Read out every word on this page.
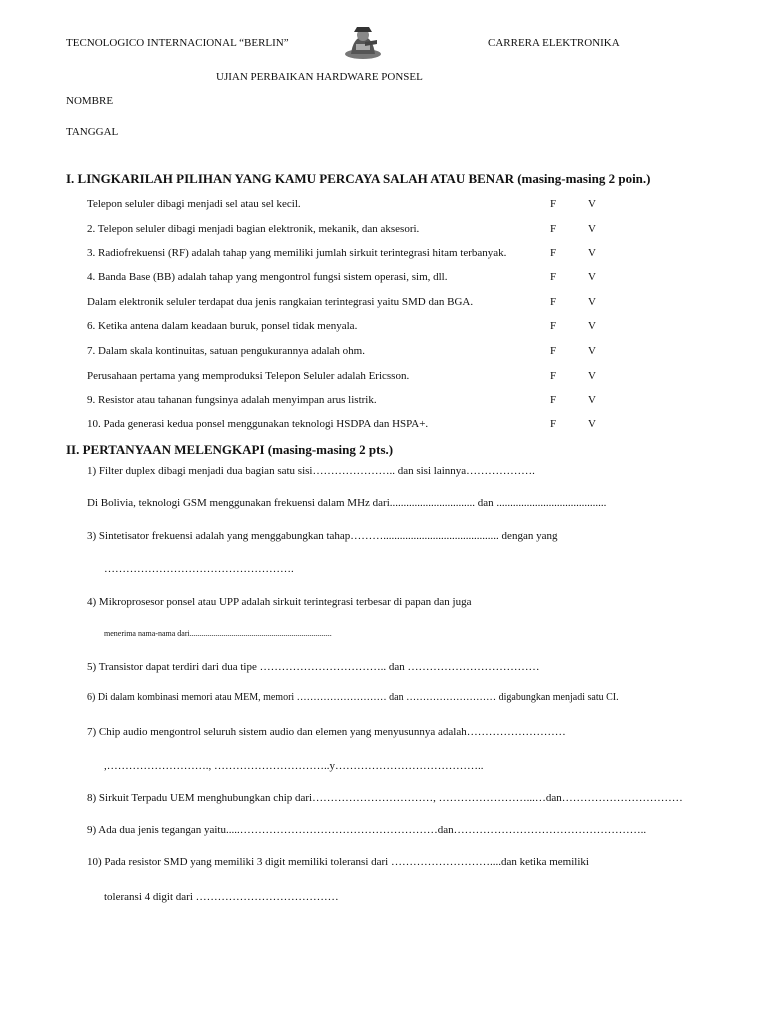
TECNOLOGICO INTERNACIONAL “BERLIN”	CARRERA ELEKTRONIKA
UJIAN PERBAIKAN HARDWARE PONSEL
NOMBRE
TANGGAL
I. LINGKARILAH PILIHAN YANG KAMU PERCAYA SALAH ATAU BENAR (masing-masing 2 poin.)
Telepon seluler dibagi menjadi sel atau sel kecil.	F	V
2. Telepon seluler dibagi menjadi bagian elektronik, mekanik, dan aksesori.	F	V
3. Radiofrekuensi (RF) adalah tahap yang memiliki jumlah sirkuit terintegrasi hitam terbanyak.	F	V
4. Banda Base (BB) adalah tahap yang mengontrol fungsi sistem operasi, sim, dll.	F	V
Dalam elektronik seluler terdapat dua jenis rangkaian terintegrasi yaitu SMD dan BGA.	F	V
6. Ketika antena dalam keadaan buruk, ponsel tidak menyala.	F	V
7. Dalam skala kontinuitas, satuan pengukurannya adalah ohm.	F	V
Perusahaan pertama yang memproduksi Telepon Seluler adalah Ericsson.	F	V
9. Resistor atau tahanan fungsinya adalah menyimpan arus listrik.	F	V
10. Pada generasi kedua ponsel menggunakan teknologi HSDPA dan HSPA+.	F	V
II. PERTANYAAN MELENGKAPI (masing-masing 2 pts.)
1) Filter duplex dibagi menjadi dua bagian satu sisi………………….. dan sisi lainnya……………….
Di Bolivia, teknologi GSM menggunakan frekuensi dalam MHz dari............................... dan ........................................
3) Sintetisator frekuensi adalah yang menggabungkan tahap……….......................................... dengan yang
…………………………………………….
4) Mikroprosesor ponsel atau UPP adalah sirkuit terintegrasi terbesar di papan dan juga
menerima nama-nama dari.......................................................................
5) Transistor dapat terdiri dari dua tipe …………………………….. dan ………………………………
6) Di dalam kombinasi memori atau MEM, memori ……………………… dan ……………………… digabungkan menjadi satu CI.
7) Chip audio mengontrol seluruh sistem audio dan elemen yang menyusunnya adalah………………………
,………………………., …………………………..y…………………………………..
8) Sirkuit Terpadu UEM menghubungkan chip dari……………………………, ……………………...…dan……………………………
9) Ada dua jenis tegangan yaitu.....………………………………………………dan……………………………………………..
10) Pada resistor SMD yang memiliki 3 digit memiliki toleransi dari ………………………....dan ketika memiliki
toleransi 4 digit dari …………………………………
